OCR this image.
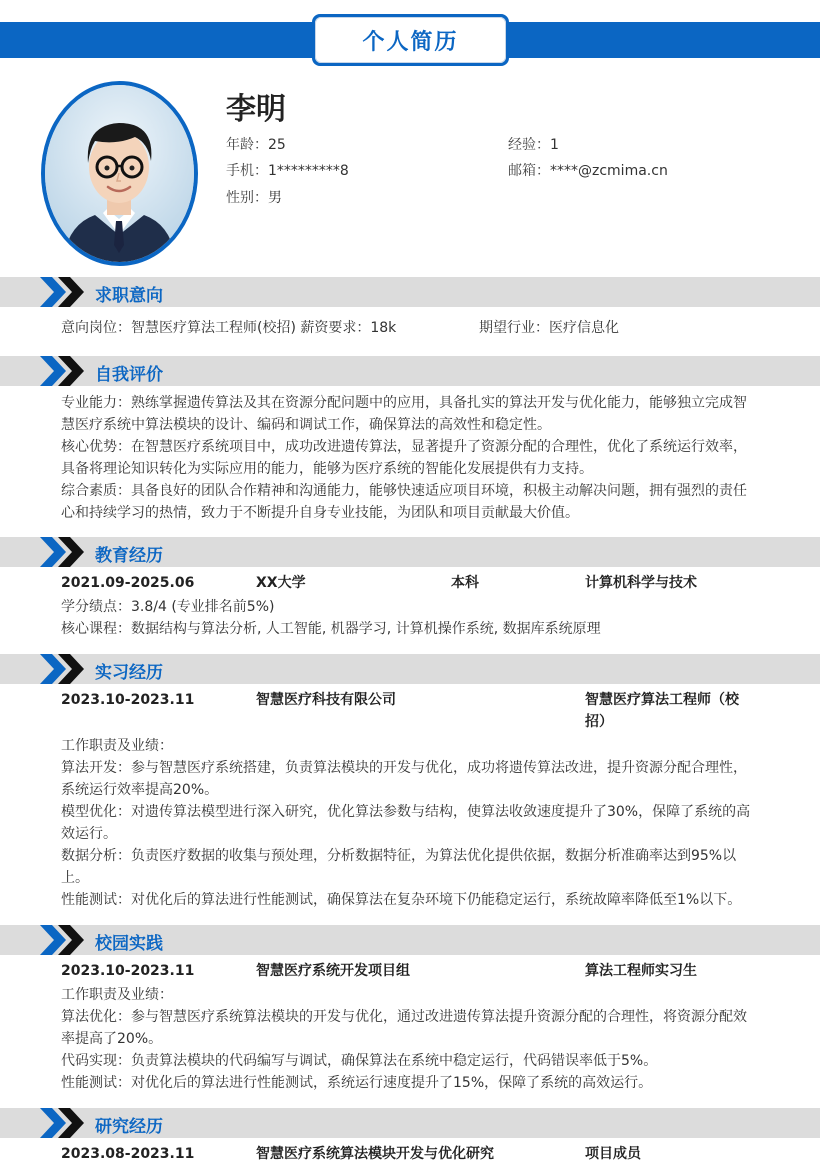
个人简历
李明
年龄：25	经验：1
手机：1*********8	邮箱：****@zcmima.cn
性别：男
求职意向
意向岗位：智慧医疗算法工程师(校招) 薪资要求：18k	期望行业：医疗信息化
自我评价
专业能力：熟练掌握遗传算法及其在资源分配问题中的应用，具备扎实的算法开发与优化能力，能够独立完成智
慧医疗系统中算法模块的设计、编码和调试工作，确保算法的高效性和稳定性。
核心优势：在智慧医疗系统项目中，成功改进遗传算法，显著提升了资源分配的合理性，优化了系统运行效率，
具备将理论知识转化为实际应用的能力，能够为医疗系统的智能化发展提供有力支持。
综合素质：具备良好的团队合作精神和沟通能力，能够快速适应项目环境，积极主动解决问题，拥有强烈的责任
心和持续学习的热情，致力于不断提升自身专业技能，为团队和项目贡献最大价值。
教育经历
2021.09-2025.06	XX大学	本科	计算机科学与技术
学分绩点：3.8/4 (专业排名前5%)
核心课程：数据结构与算法分析, 人工智能, 机器学习, 计算机操作系统, 数据库系统原理
实习经历
2023.10-2023.11	智慧医疗科技有限公司	智慧医疗算法工程师（校
招）
工作职责及业绩：
算法开发：参与智慧医疗系统搭建，负责算法模块的开发与优化，成功将遗传算法改进，提升资源分配合理性，
系统运行效率提高20%。
模型优化：对遗传算法模型进行深入研究，优化算法参数与结构，使算法收敛速度提升了30%，保障了系统的高
效运行。
数据分析：负责医疗数据的收集与预处理，分析数据特征，为算法优化提供依据，数据分析准确率达到95%以
上。
性能测试：对优化后的算法进行性能测试，确保算法在复杂环境下仍能稳定运行，系统故障率降低至1%以下。
校园实践
2023.10-2023.11	智慧医疗系统开发项目组	算法工程师实习生
工作职责及业绩：
算法优化：参与智慧医疗系统算法模块的开发与优化，通过改进遗传算法提升资源分配的合理性，将资源分配效
率提高了20%。
代码实现：负责算法模块的代码编写与调试，确保算法在系统中稳定运行，代码错误率低于5%。
性能测试：对优化后的算法进行性能测试，系统运行速度提升了15%，保障了系统的高效运行。
研究经历
2023.08-2023.11	智慧医疗系统算法模块开发与优化研究	项目成员
